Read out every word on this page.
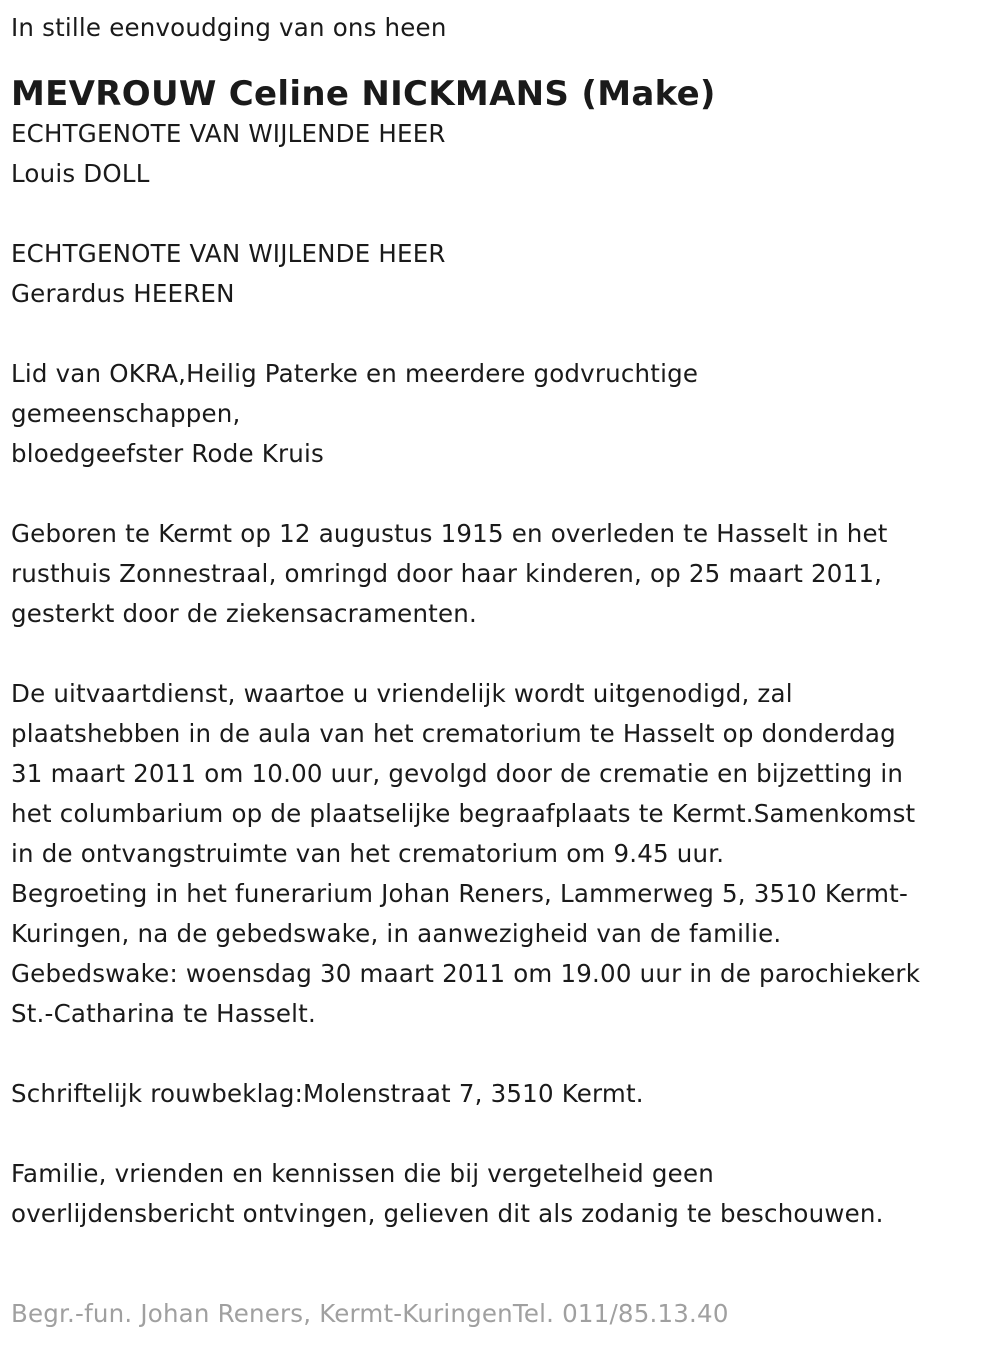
In stille eenvoudging van ons heen
MEVROUW Celine NICKMANS (Make)
ECHTGENOTE VAN WIJLENDE HEER
Louis DOLL
ECHTGENOTE VAN WIJLENDE HEER
Gerardus HEEREN
Lid van OKRA,Heilig Paterke en meerdere godvruchtige
gemeenschappen,
bloedgeefster Rode Kruis
Geboren te Kermt op 12 augustus 1915 en overleden te Hasselt in het
rusthuis Zonnestraal, omringd door haar kinderen, op 25 maart 2011,
gesterkt door de ziekensacramenten.
De uitvaartdienst, waartoe u vriendelijk wordt uitgenodigd, zal
plaatshebben in de aula van het crematorium te Hasselt op donderdag
31 maart 2011 om 10.00 uur, gevolgd door de crematie en bijzetting in
het columbarium op de plaatselijke begraafplaats te Kermt.Samenkomst
in de ontvangstruimte van het crematorium om 9.45 uur.
Begroeting in het funerarium Johan Reners, Lammerweg 5, 3510 Kermt-
Kuringen, na de gebedswake, in aanwezigheid van de familie.
Gebedswake: woensdag 30 maart 2011 om 19.00 uur in de parochiekerk
St.-Catharina te Hasselt.
Schriftelijk rouwbeklag:Molenstraat 7, 3510 Kermt.
Familie, vrienden en kennissen die bij vergetelheid geen
overlijdensbericht ontvingen, gelieven dit als zodanig te beschouwen.
Begr.-fun. Johan Reners, Kermt-KuringenTel. 011/85.13.40
